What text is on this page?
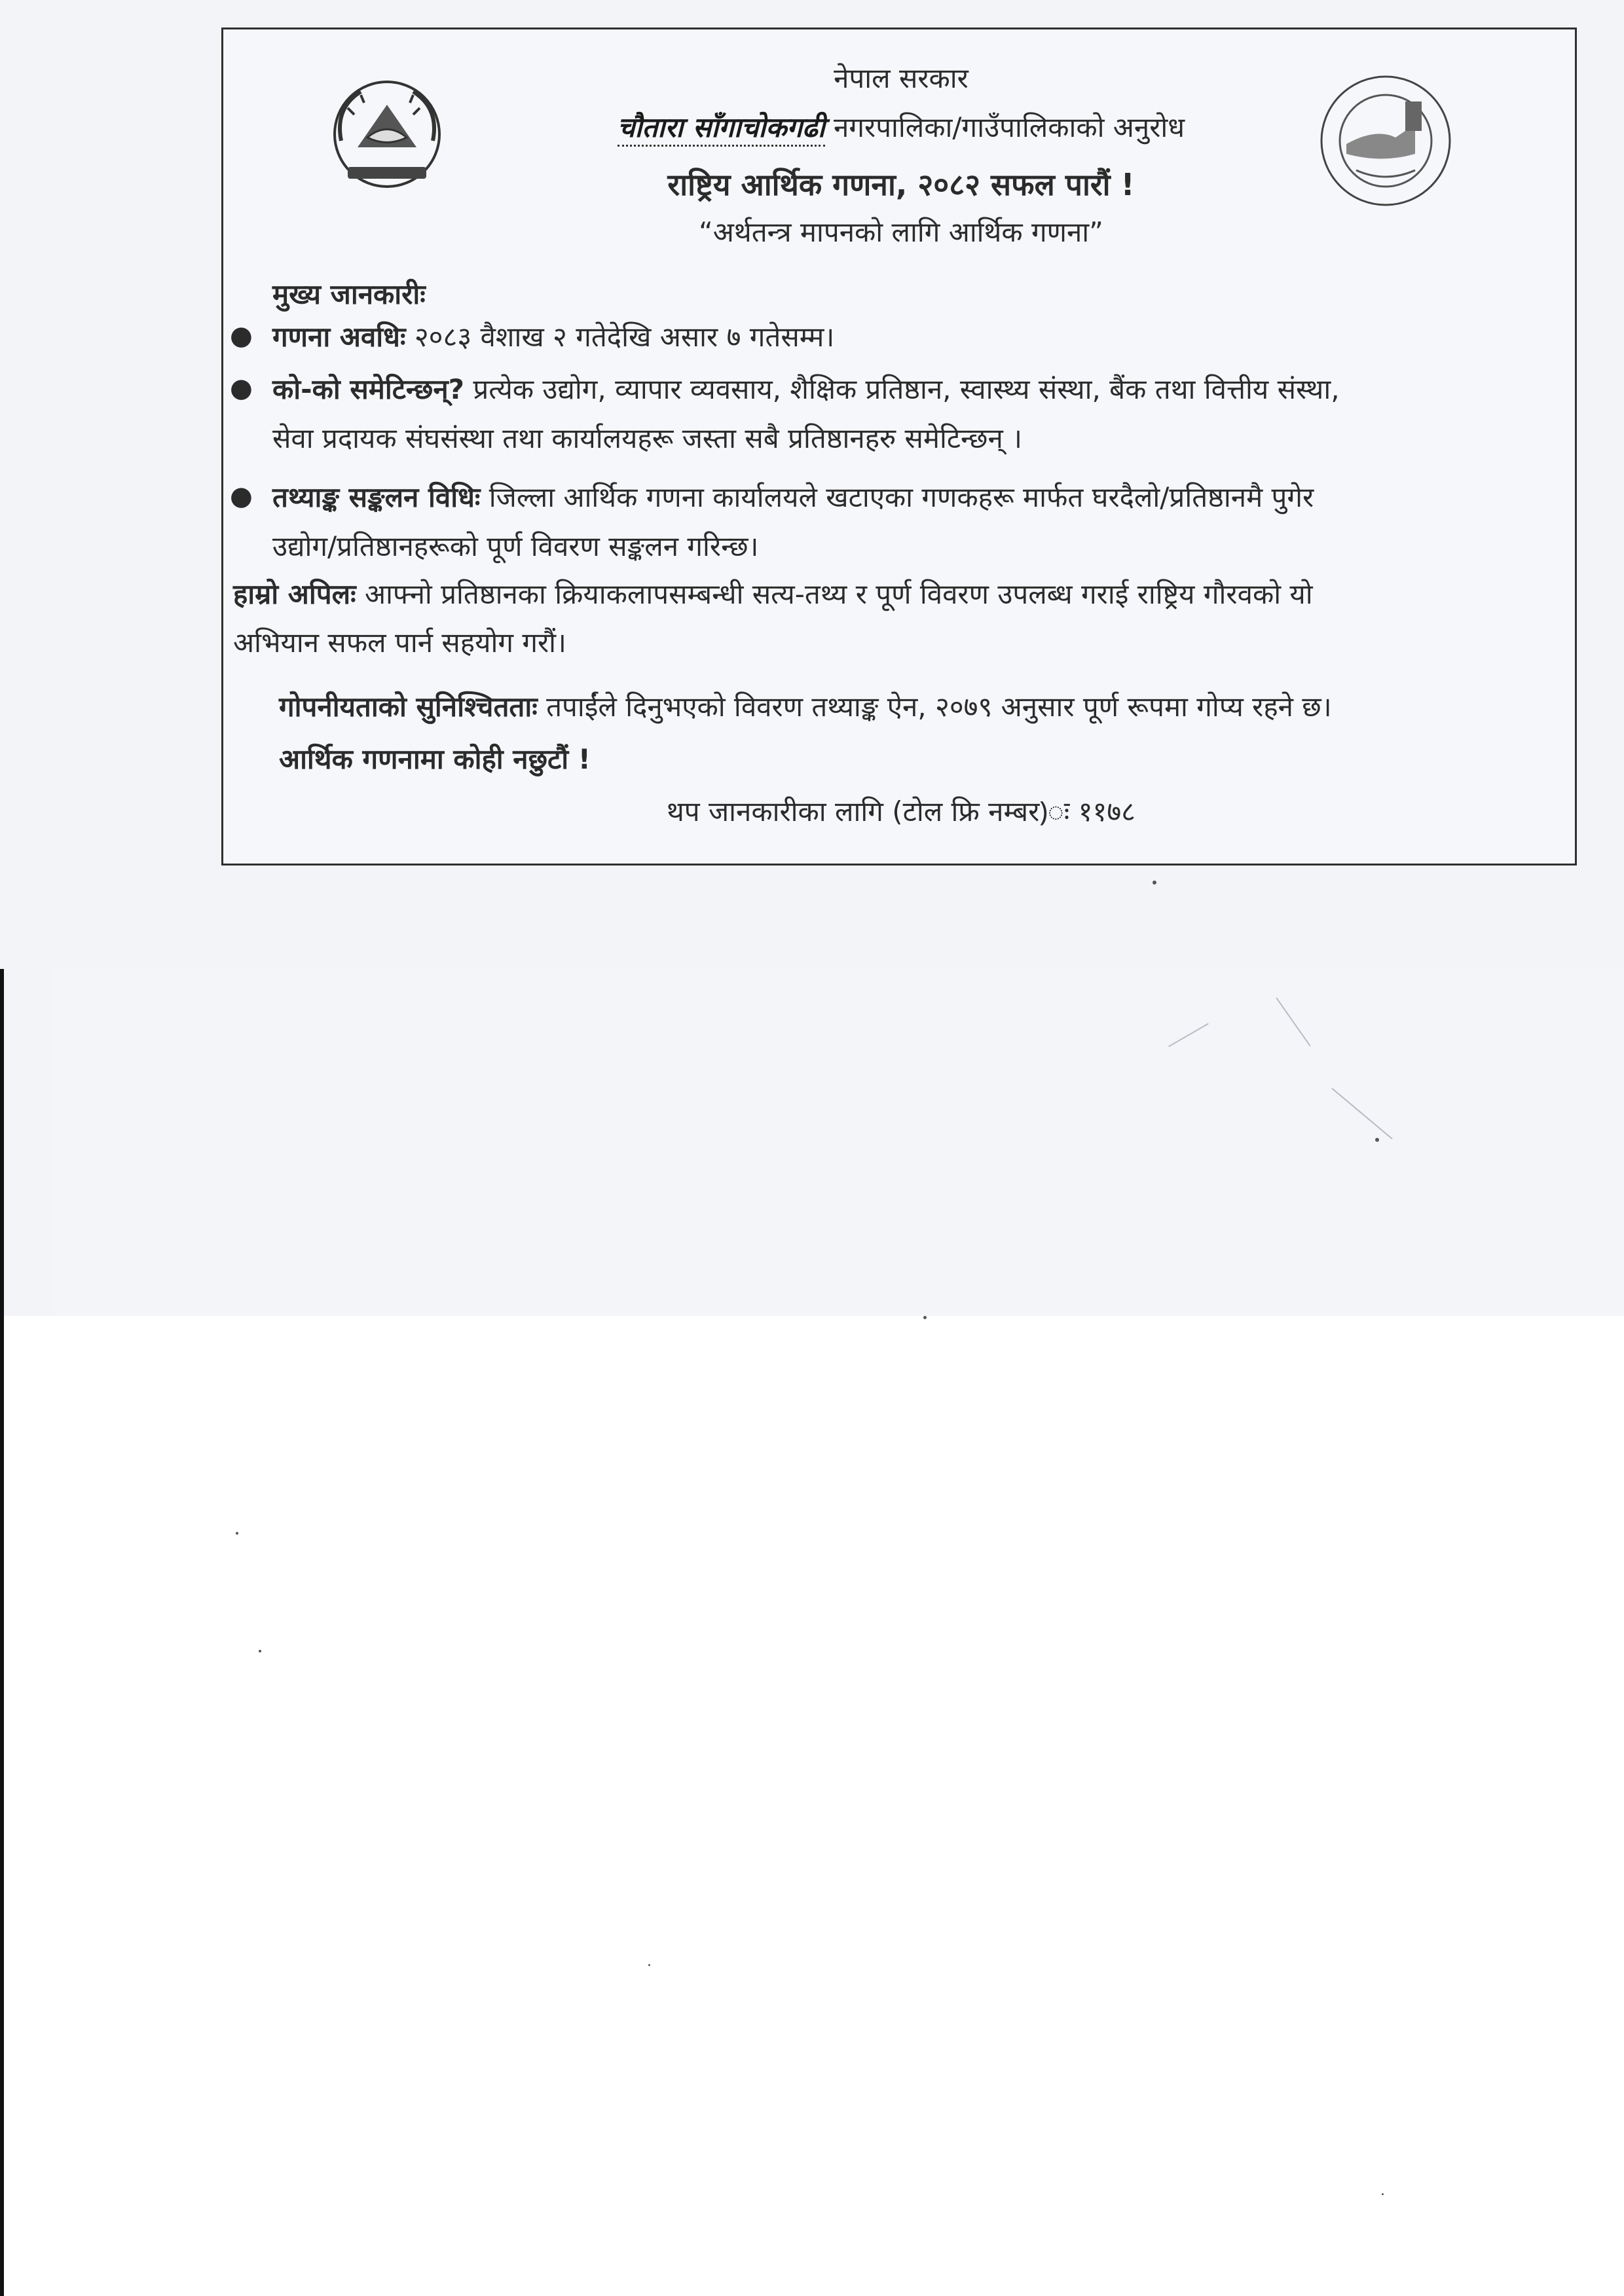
नेपाल सरकार
चौतारा साँगाचोकगढी नगरपालिका/गाउँपालिकाको अनुरोध
राष्ट्रिय आर्थिक गणना, २०८२ सफल पारौं !
“अर्थतन्त्र मापनको लागि आर्थिक गणना”
मुख्य जानकारीः
● गणना अवधिः २०८३ वैशाख २ गतेदेखि असार ७ गतेसम्म।
● को-को समेटिन्छन्? प्रत्येक उद्योग, व्यापार व्यवसाय, शैक्षिक प्रतिष्ठान, स्वास्थ्य संस्था, बैंक तथा वित्तीय संस्था,
सेवा प्रदायक संघसंस्था तथा कार्यालयहरू जस्ता सबै प्रतिष्ठानहरु समेटिन्छन् ।
● तथ्याङ्क सङ्कलन विधिः जिल्ला आर्थिक गणना कार्यालयले खटाएका गणकहरू मार्फत घरदैलो/प्रतिष्ठानमै पुगेर
उद्योग/प्रतिष्ठानहरूको पूर्ण विवरण सङ्कलन गरिन्छ।
हाम्रो अपिलः आफ्नो प्रतिष्ठानका क्रियाकलापसम्बन्धी सत्य-तथ्य र पूर्ण विवरण उपलब्ध गराई राष्ट्रिय गौरवको यो
अभियान सफल पार्न सहयोग गरौं।
गोपनीयताको सुनिश्चितताः तपाईंले दिनुभएको विवरण तथ्याङ्क ऐन, २०७९ अनुसार पूर्ण रूपमा गोप्य रहने छ।
आर्थिक गणनामा कोही नछुटौं !
थप जानकारीका लागि (टोल फ्रि नम्बर)ः ११७८
